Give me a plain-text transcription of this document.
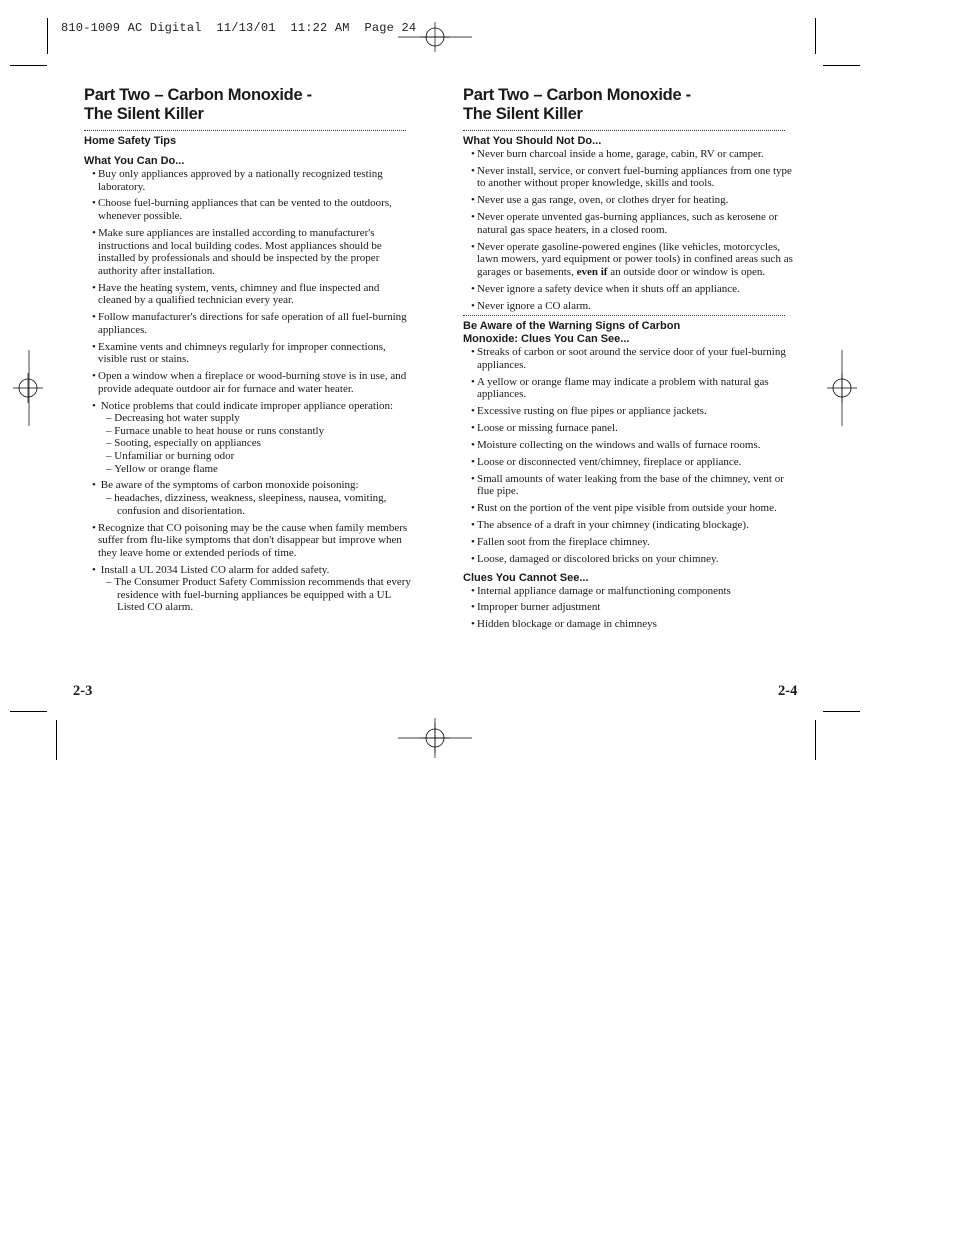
810-1009 AC Digital  11/13/01  11:22 AM  Page 24
Part Two – Carbon Monoxide -
The Silent Killer

Home Safety Tips

What You Can Do...

• Buy only appliances approved by a nationally recognized testing laboratory.
• Choose fuel-burning appliances that can be vented to the outdoors, whenever possible.
• Make sure appliances are installed according to manufacturer's instructions and local building codes. Most appliances should be installed by professionals and should be inspected by the proper authority after installation.
• Have the heating system, vents, chimney and flue inspected and cleaned by a qualified technician every year.
• Follow manufacturer's directions for safe operation of all fuel-burning appliances.
• Examine vents and chimneys regularly for improper connections, visible rust or stains.
• Open a window when a fireplace or wood-burning stove is in use, and provide adequate outdoor air for furnace and water heater.
• Notice problems that could indicate improper appliance operation:
– Decreasing hot water supply
– Furnace unable to heat house or runs constantly
– Sooting, especially on appliances
– Unfamiliar or burning odor
– Yellow or orange flame
• Be aware of the symptoms of carbon monoxide poisoning:
– headaches, dizziness, weakness, sleepiness, nausea, vomiting, confusion and disorientation.
• Recognize that CO poisoning may be the cause when family members suffer from flu-like symptoms that don't disappear but improve when they leave home or extended periods of time.
• Install a UL 2034 Listed CO alarm for added safety.
– The Consumer Product Safety Commission recommends that every residence with fuel-burning appliances be equipped with a UL Listed CO alarm.
2-3
Part Two – Carbon Monoxide -
The Silent Killer

What You Should Not Do...

• Never burn charcoal inside a home, garage, cabin, RV or camper.
• Never install, service, or convert fuel-burning appliances from one type to another without proper knowledge, skills and tools.
• Never use a gas range, oven, or clothes dryer for heating.
• Never operate unvented gas-burning appliances, such as kerosene or natural gas space heaters, in a closed room.
• Never operate gasoline-powered engines (like vehicles, motorcycles, lawn mowers, yard equipment or power tools) in confined areas such as garages or basements, even if an outside door or window is open.
• Never ignore a safety device when it shuts off an appliance.
• Never ignore a CO alarm.

Be Aware of the Warning Signs of Carbon
Monoxide: Clues You Can See...

• Streaks of carbon or soot around the service door of your fuel-burning appliances.
• A yellow or orange flame may indicate a problem with natural gas appliances.
• Excessive rusting on flue pipes or appliance jackets.
• Loose or missing furnace panel.
• Moisture collecting on the windows and walls of furnace rooms.
• Loose or disconnected vent/chimney, fireplace or appliance.
• Small amounts of water leaking from the base of the chimney, vent or flue pipe.
• Rust on the portion of the vent pipe visible from outside your home.
• The absence of a draft in your chimney (indicating blockage).
• Fallen soot from the fireplace chimney.
• Loose, damaged or discolored bricks on your chimney.

Clues You Cannot See...

• Internal appliance damage or malfunctioning components
• Improper burner adjustment
• Hidden blockage or damage in chimneys
2-4
